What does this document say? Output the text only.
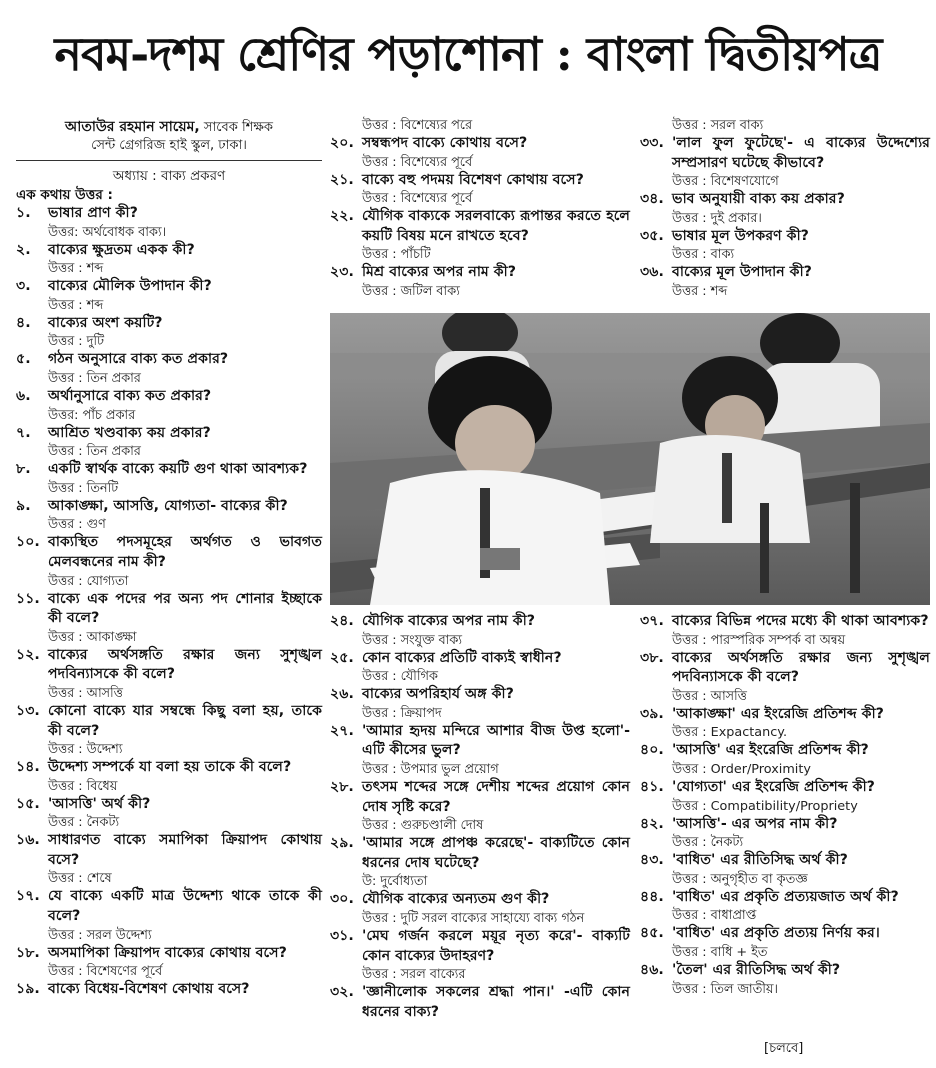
নবম-দশম শ্রেণির পড়াশোনা : বাংলা দ্বিতীয়পত্র
আতাউর রহমান সায়েম, সাবেক শিক্ষক
সেন্ট গ্রেগরিজ হাই স্কুল, ঢাকা।
অধ্যায় : বাক্য প্রকরণ
এক কথায় উত্তর :
১.	ভাষার প্রাণ কী?
উত্তর: অর্থবোধক বাক্য।
২.	বাক্যের ক্ষুদ্রতম একক কী?
উত্তর : শব্দ
৩.	বাক্যের মৌলিক উপাদান কী?
উত্তর : শব্দ
৪.	বাক্যের অংশ কয়টি?
উত্তর : দুটি
৫.	গঠন অনুসারে বাক্য কত প্রকার?
উত্তর : তিন প্রকার
৬.	অর্থানুসারে বাক্য কত প্রকার?
উত্তর: পাঁচ প্রকার
৭.	আশ্রিত খণ্ডবাক্য কয় প্রকার?
উত্তর : তিন প্রকার
৮.	একটি স্বার্থক বাক্যে কয়টি গুণ থাকা আবশ্যক?
উত্তর : তিনটি
৯.	আকাঙ্ক্ষা, আসত্তি, যোগ্যতা- বাক্যের কী?
উত্তর : গুণ
১০. বাক্যস্থিত পদসমূহের অর্থগত ও ভাবগত মেলবন্ধনের নাম কী?
উত্তর : যোগ্যতা
১১. বাক্যে এক পদের পর অন্য পদ শোনার ইচ্ছাকে কী বলে?
উত্তর : আকাঙ্ক্ষা
১২. বাক্যের অর্থসঙ্গতি রক্ষার জন্য সুশৃঙ্খল পদবিন্যাসকে কী বলে?
উত্তর : আসত্তি
১৩. কোনো বাক্যে যার সম্বন্ধে কিছু বলা হয়, তাকে কী বলে?
উত্তর : উদ্দেশ্য
১৪. উদ্দেশ্য সম্পর্কে যা বলা হয় তাকে কী বলে?
উত্তর : বিধেয়
১৫. 'আসত্তি' অর্থ কী?
উত্তর : নৈকট্য
১৬. সাধারণত বাক্যে সমাপিকা ক্রিয়াপদ কোথায় বসে?
উত্তর : শেষে
১৭. যে বাক্যে একটি মাত্র উদ্দেশ্য থাকে তাকে কী বলে?
উত্তর : সরল উদ্দেশ্য
১৮. অসমাপিকা ক্রিয়াপদ বাক্যের কোথায় বসে?
উত্তর : বিশেষণের পূর্বে
১৯. বাক্যে বিধেয়-বিশেষণ কোথায় বসে?
উত্তর : বিশেষ্যের পরে
২০. সম্বন্ধপদ বাক্যে কোথায় বসে?
উত্তর : বিশেষ্যের পূর্বে
২১. বাক্যে বহু পদময় বিশেষণ কোথায় বসে?
উত্তর : বিশেষ্যের পূর্বে
২২. যৌগিক বাক্যকে সরলবাক্যে রূপান্তর করতে হলে কয়টি বিষয় মনে রাখতে হবে?
উত্তর : পাঁচটি
২৩. মিশ্র বাক্যের অপর নাম কী?
উত্তর : জটিল বাক্য
উত্তর : সরল বাক্য
৩৩. 'লাল ফুল ফুটেছে'- এ বাক্যের উদ্দেশ্যের সম্প্রসারণ ঘটেছে কীভাবে?
উত্তর : বিশেষণযোগে
৩৪. ভাব অনুযায়ী বাক্য কয় প্রকার?
উত্তর : দুই প্রকার।
৩৫. ভাষার মূল উপকরণ কী?
উত্তর : বাক্য
৩৬. বাক্যের মূল উপাদান কী?
উত্তর : শব্দ
২৪. যৌগিক বাক্যের অপর নাম কী?
উত্তর : সংযুক্ত বাক্য
২৫. কোন বাক্যের প্রতিটি বাক্যই স্বাধীন?
উত্তর : যৌগিক
২৬. বাক্যের অপরিহার্য অঙ্গ কী?
উত্তর : ক্রিয়াপদ
২৭. 'আমার হৃদয় মন্দিরে আশার বীজ উপ্ত হলো'- এটি কীসের ভুল?
উত্তর : উপমার ভুল প্রয়োগ
২৮. তৎসম শব্দের সঙ্গে দেশীয় শব্দের প্রয়োগ কোন দোষ সৃষ্টি করে?
উত্তর : গুরুচণ্ডালী দোষ
২৯. 'আমার সঙ্গে প্রাপঞ্চ করেছে'- বাক্যটিতে কোন ধরনের দোষ ঘটেছে?
উ: দুর্বোধ্যতা
৩০. যৌগিক বাক্যের অন্যতম গুণ কী?
উত্তর : দুটি সরল বাক্যের সাহায্যে বাক্য গঠন
৩১. 'মেঘ গর্জন করলে ময়ূর নৃত্য করে'- বাক্যটি কোন বাক্যের উদাহরণ?
উত্তর : সরল বাক্যের
৩২. 'জ্ঞানীলোক সকলের শ্রদ্ধা পান।' -এটি কোন ধরনের বাক্য?
৩৭. বাক্যের বিভিন্ন পদের মধ্যে কী থাকা আবশ্যক?
উত্তর : পারস্পরিক সম্পর্ক বা অন্বয়
৩৮. বাক্যের অর্থসঙ্গতি রক্ষার জন্য সুশৃঙ্খল পদবিন্যাসকে কী বলে?
উত্তর : আসত্তি
৩৯. 'আকাঙ্ক্ষা' এর ইংরেজি প্রতিশব্দ কী?
উত্তর : Expactancy.
৪০. 'আসত্তি' এর ইংরেজি প্রতিশব্দ কী?
উত্তর : Order/Proximity
৪১. 'যোগ্যতা' এর ইংরেজি প্রতিশব্দ কী?
উত্তর : Compatibility/Propriety
৪২. 'আসত্তি'- এর অপর নাম কী?
উত্তর : নৈকট্য
৪৩. 'বাধিত' এর রীতিসিদ্ধ অর্থ কী?
উত্তর : অনুগৃহীত বা কৃতজ্ঞ
৪৪. 'বাধিত' এর প্রকৃতি প্রত্যয়জাত অর্থ কী?
উত্তর : বাধাপ্রাপ্ত
৪৫. 'বাধিত' এর প্রকৃতি প্রত্যয় নির্ণয় কর।
উত্তর : বাধি + ইত
৪৬. 'তৈল' এর রীতিসিদ্ধ অর্থ কী?
উত্তর : তিল জাতীয়।
[চলবে]
